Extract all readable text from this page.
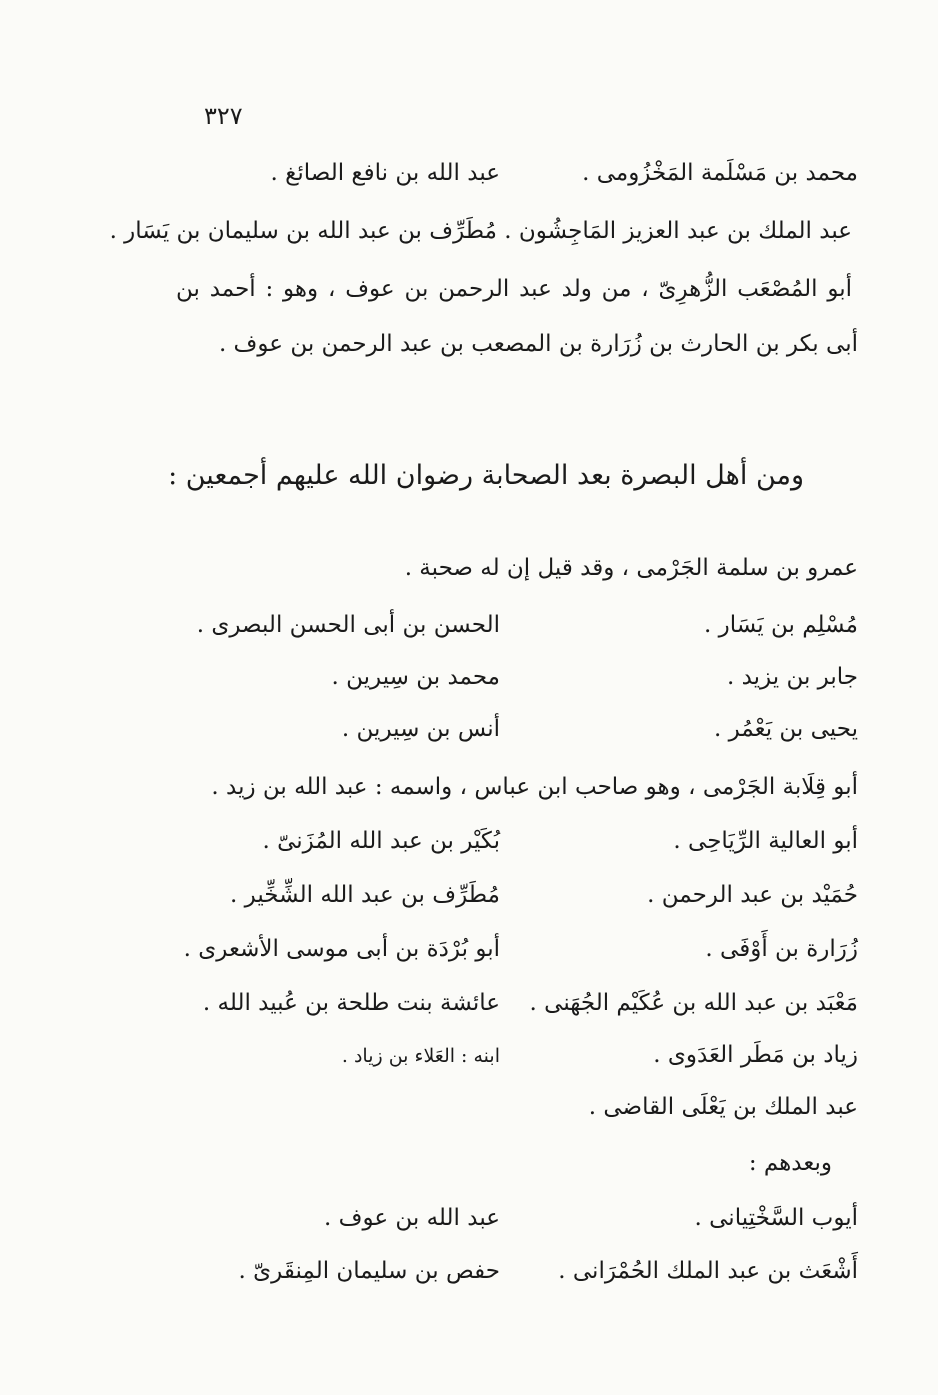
٣٢٧
محمد بن مَسْلَمة المَخْزُومى .
عبد الله بن نافع الصائغ .
عبد الملك بن عبد العزيز المَاجِشُون . مُطَرِّف بن عبد الله بن سليمان بن يَسَار .
أبو المُصْعَب الزُّهرِىّ ، من ولد عبد الرحمن بن عوف ، وهو : أحمد بن
أبى بكر بن الحارث بن زُرَارة بن المصعب بن عبد الرحمن بن عوف .
ومن أهل البصرة بعد الصحابة رضوان الله عليهم أجمعين :
عمرو بن سلمة الجَرْمى ، وقد قيل إن له صحبة .
مُسْلِم بن يَسَار .
الحسن بن أبى الحسن البصرى .
جابر بن يزيد .
محمد بن سِيرين .
يحيى بن يَعْمُر .
أنس بن سِيرين .
أبو قِلَابة الجَرْمى ، وهو صاحب ابن عباس ، واسمه : عبد الله بن زيد .
أبو العالية الرِّيَاحِى .
بُكَيْر بن عبد الله المُزَنىّ .
حُمَيْد بن عبد الرحمن .
مُطَرِّف بن عبد الله الشِّخِّير .
زُرَارة بن أَوْفَى .
أبو بُرْدَة بن أبى موسى الأشعرى .
مَعْبَد بن عبد الله بن عُكَيْم الجُهَنى .
عائشة بنت طلحة بن عُبيد الله .
زياد بن مَطَر العَدَوى .
ابنه : العَلاء بن زياد .
عبد الملك بن يَعْلَى القاضى .
وبعدهم :
أيوب السَّخْتِيانى .
عبد الله بن عوف .
أَشْعَث بن عبد الملك الحُمْرَانى .
حفص بن سليمان المِنقَرىّ .
